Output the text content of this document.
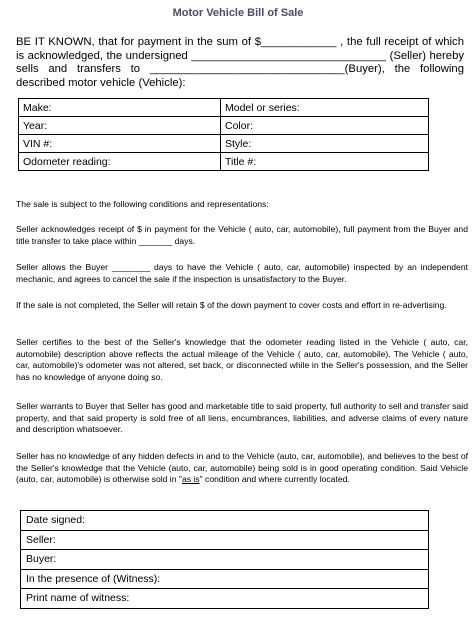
Motor Vehicle Bill of Sale
BE IT KNOWN, that for payment in the sum of $____________ , the full receipt of which is acknowledged, the undersigned _______________________________ (Seller) hereby sells and transfers to _______________________________(Buyer), the following described motor vehicle (Vehicle):
Make:	Model or series:
Year:	Color:
VIN #:	Style:
Odometer reading:	Title #:
The sale is subject to the following conditions and representations:
Seller acknowledges receipt of $ in payment for the Vehicle ( auto, car, automobile), full payment from the Buyer and title transfer to take place within _______ days.
Seller allows the Buyer ________ days to have the Vehicle ( auto, car, automobile) inspected by an independent mechanic, and agrees to cancel the sale if the inspection is unsatisfactory to the Buyer.
If the sale is not completed, the Seller will retain $ of the down payment to cover costs and effort in re-advertising.
Seller certifies to the best of the Seller's knowledge that the odometer reading listed in the Vehicle ( auto, car, automobile) description above reflects the actual mileage of the Vehicle ( auto, car, automobile). The Vehicle ( auto, car, automobile)'s odometer was not altered, set back, or disconnected while in the Seller's possession, and the Seller has no knowledge of anyone doing so.
Seller warrants to Buyer that Seller has good and marketable title to said property, full authority to sell and transfer said property, and that said property is sold free of all liens, encumbrances, liabilities, and adverse claims of every nature and description whatsoever.
Seller has no knowledge of any hidden defects in and to the Vehicle (auto, car, automobile), and believes to the best of the Seller's knowledge that the Vehicle (auto, car, automobile) being sold is in good operating condition. Said Vehicle (auto, car, automobile) is otherwise sold in "as is" condition and where currently located.
Date signed:
Seller:
Buyer:
In the presence of (Witness):
Print name of witness:
